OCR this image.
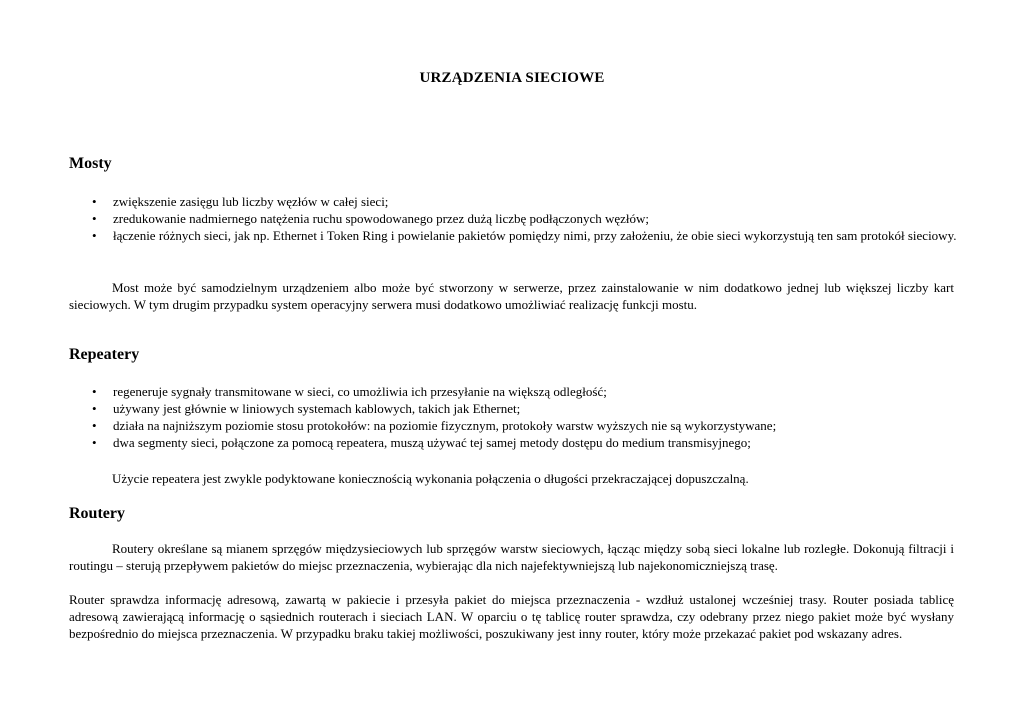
URZĄDZENIA SIECIOWE
Mosty
• zwiększenie zasięgu lub liczby węzłów w całej sieci;
• zredukowanie nadmiernego natężenia ruchu spowodowanego przez dużą liczbę podłączonych węzłów;
• łączenie różnych sieci, jak np. Ethernet i Token Ring i powielanie pakietów pomiędzy nimi, przy założeniu, że obie sieci wykorzystują ten sam protokół sieciowy.

Most może być samodzielnym urządzeniem albo może być stworzony w serwerze, przez zainstalowanie w nim dodatkowo jednej lub większej liczby kart sieciowych. W tym drugim przypadku system operacyjny serwera musi dodatkowo umożliwiać realizację funkcji mostu.

Repeatery
• regeneruje sygnały transmitowane w sieci, co umożliwia ich przesyłanie na większą odległość;
• używany jest głównie w liniowych systemach kablowych, takich jak Ethernet;
• działa na najniższym poziomie stosu protokołów: na poziomie fizycznym, protokoły warstw wyższych nie są wykorzystywane;
• dwa segmenty sieci, połączone za pomocą repeatera, muszą używać tej samej metody dostępu do medium transmisyjnego;

Użycie repeatera jest zwykle podyktowane koniecznością wykonania połączenia o długości przekraczającej dopuszczalną.

Routery

Routery określane są mianem sprzęgów międzysieciowych lub sprzęgów warstw sieciowych, łącząc między sobą sieci lokalne lub rozległe. Dokonują filtracji i routingu – sterują przepływem pakietów do miejsc przeznaczenia, wybierając dla nich najefektywniejszą lub najekonomiczniejszą trasę.

Router sprawdza informację adresową, zawartą w pakiecie i przesyła pakiet do miejsca przeznaczenia - wzdłuż ustalonej wcześniej trasy. Router posiada tablicę adresową zawierającą informację o sąsiednich routerach i sieciach LAN. W oparciu o tę tablicę router sprawdza, czy odebrany przez niego pakiet może być wysłany bezpośrednio do miejsca przeznaczenia. W przypadku braku takiej możliwości, poszukiwany jest inny router, który może przekazać pakiet pod wskazany adres.
